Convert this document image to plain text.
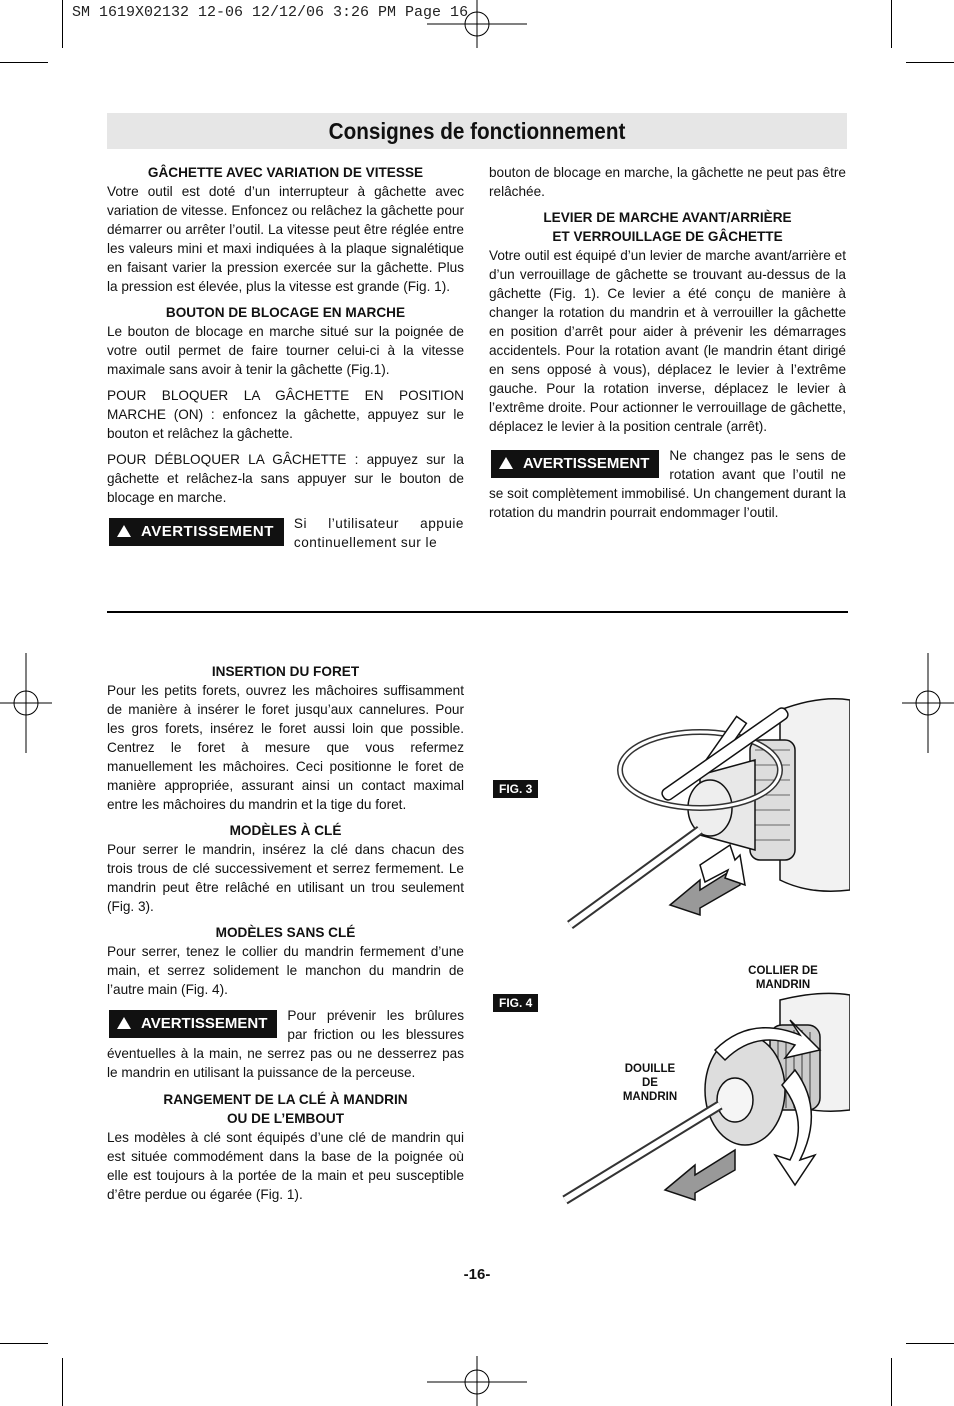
SM 1619X02132 12-06 12/12/06 3:26 PM Page 16
Consignes de fonctionnement
GÂCHETTE AVEC VARIATION DE VITESSE

Votre outil est doté d’un interrupteur à gâchette avec variation de vitesse. Enfoncez ou relâchez la gâchette pour démarrer ou arrêter l’outil. La vitesse peut être réglée entre les valeurs mini et maxi indiquées à la plaque signalétique en faisant varier la pression exercée sur la gâchette. Plus la pression est élevée, plus la vitesse est grande (Fig. 1).

BOUTON DE BLOCAGE EN MARCHE

Le bouton de blocage en marche situé sur la poignée de votre outil permet de faire tourner celui-ci à la vitesse maximale sans avoir à tenir la gâchette (Fig.1).

POUR BLOQUER LA GÂCHETTE EN POSITION MARCHE (ON) : enfoncez la gâchette, appuyez sur le bouton et relâchez la gâchette.

POUR DÉBLOQUER LA GÂCHETTE : appuyez sur la gâchette et relâchez-la sans appuyer sur le bouton de blocage en marche.

AVERTISSEMENT	Si l’utilisateur appuie continuellement sur le

bouton de blocage en marche, la gâchette ne peut pas être relâchée.

LEVIER DE MARCHE AVANT/ARRIÈRE
ET VERROUILLAGE DE GÂCHETTE

Votre outil est équipé d’un levier de marche avant/arrière et d’un verrouillage de gâchette se trouvant au-dessus de la gâchette (Fig. 1). Ce levier a été conçu de manière à changer la rotation du mandrin et à verrouiller la gâchette en position d’arrêt pour aider à prévenir les démarrages accidentels. Pour la rotation avant (le mandrin étant dirigé en sens opposé à vous), déplacez le levier à l’extrême gauche. Pour la rotation inverse, déplacez le levier à l’extrême droite. Pour actionner le verrouillage de gâchette, déplacez le levier à la position centrale (arrêt).

AVERTISSEMENT	Ne changez pas le sens de rotation avant que l’outil ne se soit complètement immobilisé. Un changement durant la rotation du mandrin pourrait endommager l’outil.

INSERTION DU FORET

Pour les petits forets, ouvrez les mâchoires suffisamment de manière à insérer le foret jusqu’aux cannelures. Pour les gros forets, insérez le foret aussi loin que possible. Centrez le foret à mesure que vous refermez manuellement les mâchoires. Ceci positionne le foret de manière appropriée, assurant ainsi un contact maximal entre les mâchoires du mandrin et la tige du foret.

MODÈLES À CLÉ

Pour serrer le mandrin, insérez la clé dans chacun des trois trous de clé successivement et serrez fermement. Le mandrin peut être relâché en utilisant un trou seulement (Fig. 3).

MODÈLES SANS CLÉ

Pour serrer, tenez le collier du mandrin fermement d’une main, et serrez solidement le manchon du mandrin de l’autre main (Fig. 4).

AVERTISSEMENT	Pour prévenir les brûlures par friction ou les blessures éventuelles à la main, ne serrez pas ou ne desserrez pas le mandrin en utilisant la puissance de la perceuse.

RANGEMENT DE LA CLÉ À MANDRIN
OU DE L’EMBOUT

Les modèles à clé sont équipés d’une clé de mandrin qui est située commodément dans la base de la poignée où elle est toujours à la portée de la main et peu susceptible d’être perdue ou égarée (Fig. 1).

FIG. 3
FIG. 4
COLLIER DE MANDRIN
DOUILLE
DE
MANDRIN
-16-
